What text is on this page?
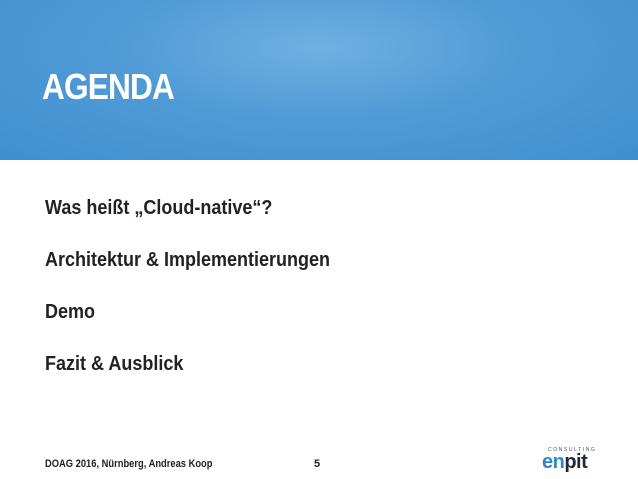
AGENDA
Was heißt „Cloud-native“?
Architektur & Implementierungen
Demo
Fazit & Ausblick
DOAG 2016, Nürnberg, Andreas Koop	5
CONSULTING
enpit
